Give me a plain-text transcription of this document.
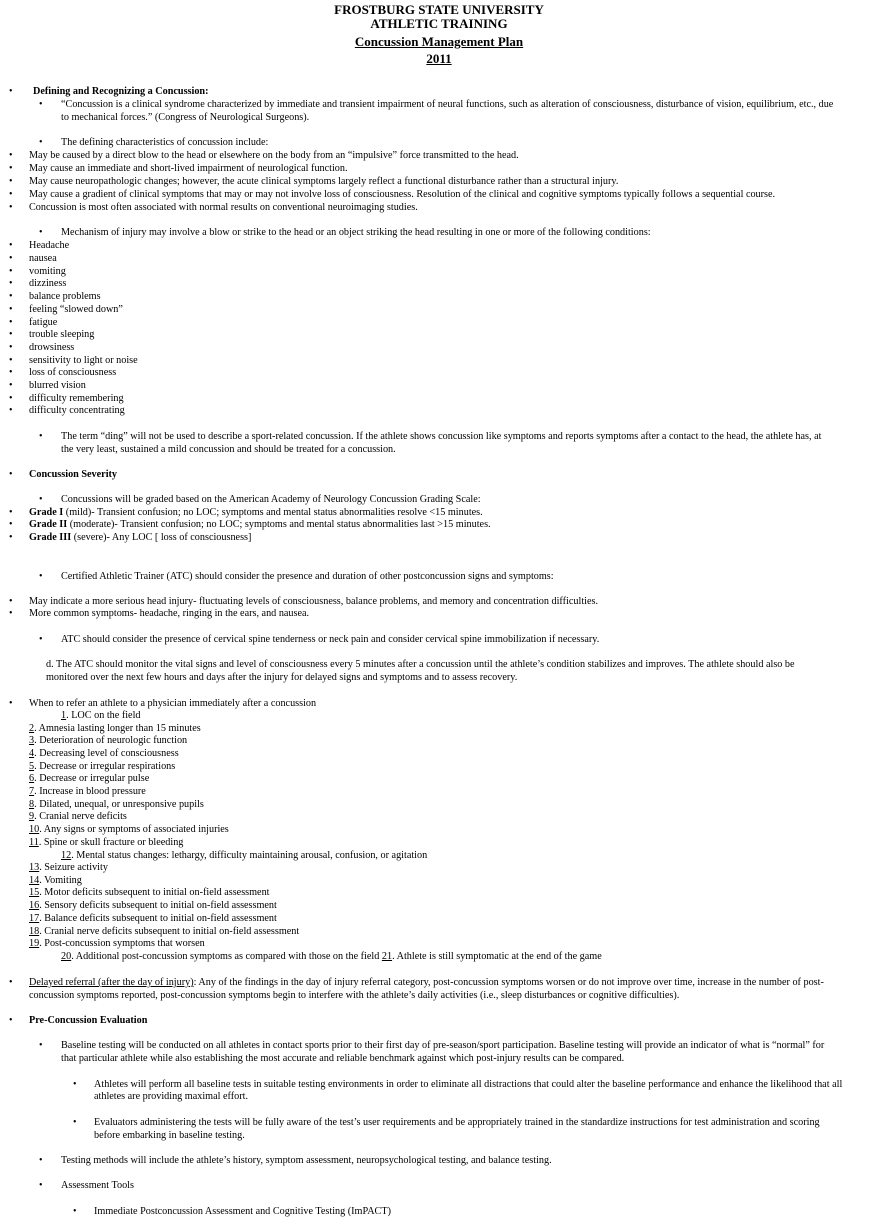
FROSTBURG STATE UNIVERSITY
ATHLETIC TRAINING
Concussion Management Plan
2011
• Defining and Recognizing a Concussion:
• “Concussion is a clinical syndrome characterized by immediate and transient impairment of neural functions, such as alteration of consciousness, disturbance of vision, equilibrium, etc., due
to mechanical forces.” (Congress of Neurological Surgeons).
• The defining characteristics of concussion include:
• May be caused by a direct blow to the head or elsewhere on the body from an “impulsive” force transmitted to the head.
• May cause an immediate and short-lived impairment of neurological function.
• May cause neuropathologic changes; however, the acute clinical symptoms largely reflect a functional disturbance rather than a structural injury.
• May cause a gradient of clinical symptoms that may or may not involve loss of consciousness. Resolution of the clinical and cognitive symptoms typically follows a sequential course.
• Concussion is most often associated with normal results on conventional neuroimaging studies.
• Mechanism of injury may involve a blow or strike to the head or an object striking the head resulting in one or more of the following conditions:
• Headache
• nausea
• vomiting
• dizziness
• balance problems
• feeling “slowed down”
• fatigue
• trouble sleeping
• drowsiness
• sensitivity to light or noise
• loss of consciousness
• blurred vision
• difficulty remembering
• difficulty concentrating
• The term “ding” will not be used to describe a sport-related concussion. If the athlete shows concussion like symptoms and reports symptoms after a contact to the head, the athlete has, at
the very least, sustained a mild concussion and should be treated for a concussion.
• Concussion Severity
• Concussions will be graded based on the American Academy of Neurology Concussion Grading Scale:
• Grade I (mild)- Transient confusion; no LOC; symptoms and mental status abnormalities resolve <15 minutes.
• Grade II (moderate)- Transient confusion; no LOC; symptoms and mental status abnormalities last >15 minutes.
• Grade III (severe)- Any LOC [ loss of consciousness]
• Certified Athletic Trainer (ATC) should consider the presence and duration of other postconcussion signs and symptoms:
• May indicate a more serious head injury- fluctuating levels of consciousness, balance problems, and memory and concentration difficulties.
• More common symptoms- headache, ringing in the ears, and nausea.
• ATC should consider the presence of cervical spine tenderness or neck pain and consider cervical spine immobilization if necessary.
d. The ATC should monitor the vital signs and level of consciousness every 5 minutes after a concussion until the athlete’s condition stabilizes and improves. The athlete should also be
monitored over the next few hours and days after the injury for delayed signs and symptoms and to assess recovery.
• When to refer an athlete to a physician immediately after a concussion
1. LOC on the field
2. Amnesia lasting longer than 15 minutes
3. Deterioration of neurologic function
4. Decreasing level of consciousness
5. Decrease or irregular respirations
6. Decrease or irregular pulse
7. Increase in blood pressure
8. Dilated, unequal, or unresponsive pupils
9. Cranial nerve deficits
10. Any signs or symptoms of associated injuries
11. Spine or skull fracture or bleeding
12. Mental status changes: lethargy, difficulty maintaining arousal, confusion, or agitation
13. Seizure activity
14. Vomiting
15. Motor deficits subsequent to initial on-field assessment
16. Sensory deficits subsequent to initial on-field assessment
17. Balance deficits subsequent to initial on-field assessment
18. Cranial nerve deficits subsequent to initial on-field assessment
19. Post-concussion symptoms that worsen
20. Additional post-concussion symptoms as compared with those on the field 21. Athlete is still symptomatic at the end of the game
• Delayed referral (after the day of injury): Any of the findings in the day of injury referral category, post-concussion symptoms worsen or do not improve over time, increase in the number of post-
concussion symptoms reported, post-concussion symptoms begin to interfere with the athlete’s daily activities (i.e., sleep disturbances or cognitive difficulties).
• Pre-Concussion Evaluation
• Baseline testing will be conducted on all athletes in contact sports prior to their first day of pre-season/sport participation. Baseline testing will provide an indicator of what is “normal” for
that particular athlete while also establishing the most accurate and reliable benchmark against which post-injury results can be compared.
• Athletes will perform all baseline tests in suitable testing environments in order to eliminate all distractions that could alter the baseline performance and enhance the likelihood that all
athletes are providing maximal effort.
• Evaluators administering the tests will be fully aware of the test’s user requirements and be appropriately trained in the standardize instructions for test administration and scoring
before embarking in baseline testing.
• Testing methods will include the athlete’s history, symptom assessment, neuropsychological testing, and balance testing.
• Assessment Tools
• Immediate Postconcussion Assessment and Cognitive Testing (ImPACT)
